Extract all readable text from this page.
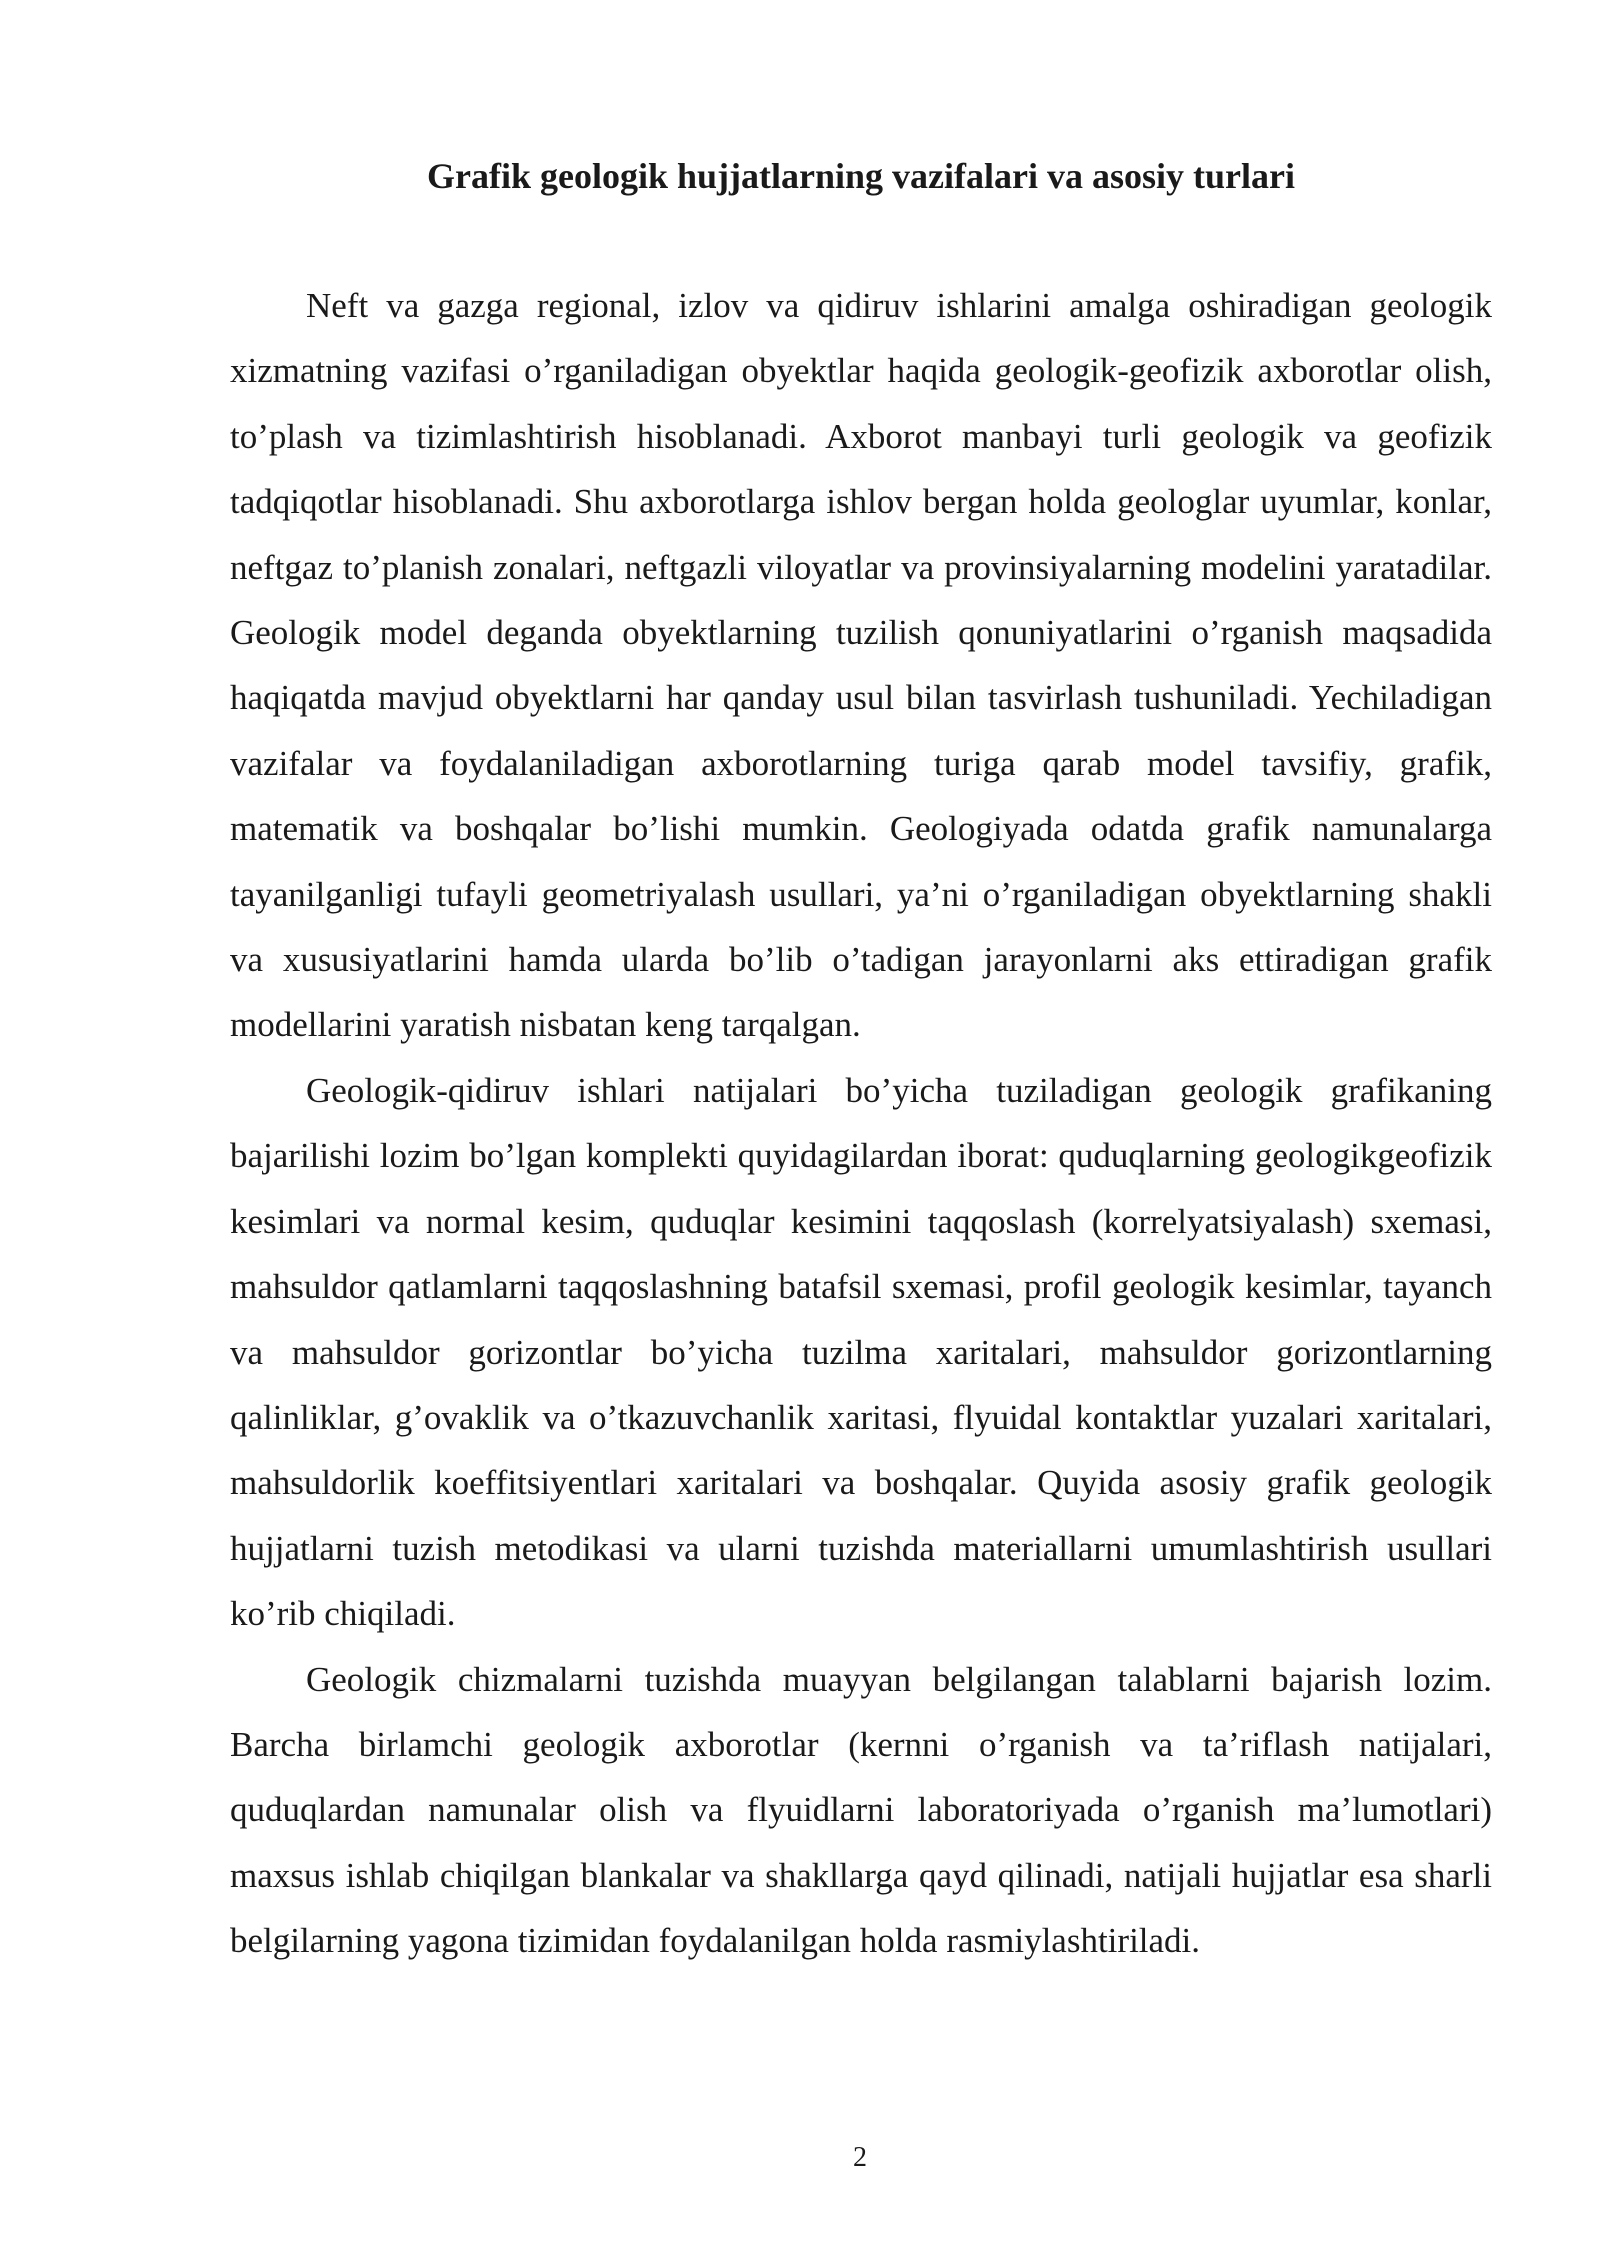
Grafik geologik hujjatlarning vazifalari va asosiy turlari

Neft va gazga regional, izlov va qidiruv ishlarini amalga oshiradigan geologik xizmatning vazifasi o’rganiladigan obyektlar haqida geologik-geofizik axborotlar olish, to’plash va tizimlashtirish hisoblanadi. Axborot manbayi turli geologik va geofizik tadqiqotlar hisoblanadi. Shu axborotlarga ishlov bergan holda geologlar uyumlar, konlar, neftgaz to’planish zonalari, neftgazli viloyatlar va provinsiyalarning modelini yaratadilar. Geologik model deganda obyektlarning tuzilish qonuniyatlarini o’rganish maqsadida haqiqatda mavjud obyektlarni har qanday usul bilan tasvirlash tushuniladi. Yechiladigan vazifalar va foydalaniladigan axborotlarning turiga qarab model tavsifiy, grafik, matematik va boshqalar bo’lishi mumkin. Geologiyada odatda grafik namunalarga tayanilganligi tufayli geometriyalash usullari, ya’ni o’rganiladigan obyektlarning shakli va xususiyatlarini hamda ularda bo’lib o’tadigan jarayonlarni aks ettiradigan grafik modellarini yaratish nisbatan keng tarqalgan.

Geologik-qidiruv ishlari natijalari bo’yicha tuziladigan geologik grafikaning bajarilishi lozim bo’lgan komplekti quyidagilardan iborat: quduqlarning geologikgeofizik kesimlari va normal kesim, quduqlar kesimini taqqoslash (korrelyatsiyalash) sxemasi, mahsuldor qatlamlarni taqqoslashning batafsil sxemasi, profil geologik kesimlar, tayanch va mahsuldor gorizontlar bo’yicha tuzilma xaritalari, mahsuldor gorizontlarning qalinliklar, g’ovaklik va o’tkazuvchanlik xaritasi, flyuidal kontaktlar yuzalari xaritalari, mahsuldorlik koeffitsiyentlari xaritalari va boshqalar. Quyida asosiy grafik geologik hujjatlarni tuzish metodikasi va ularni tuzishda materiallarni umumlashtirish usullari ko’rib chiqiladi.

Geologik chizmalarni tuzishda muayyan belgilangan talablarni bajarish lozim. Barcha birlamchi geologik axborotlar (kernni o’rganish va ta’riflash natijalari, quduqlardan namunalar olish va flyuidlarni laboratoriyada o’rganish ma’lumotlari) maxsus ishlab chiqilgan blankalar va shakllarga qayd qilinadi, natijali hujjatlar esa sharli belgilarning yagona tizimidan foydalanilgan holda rasmiylashtiriladi.

2
